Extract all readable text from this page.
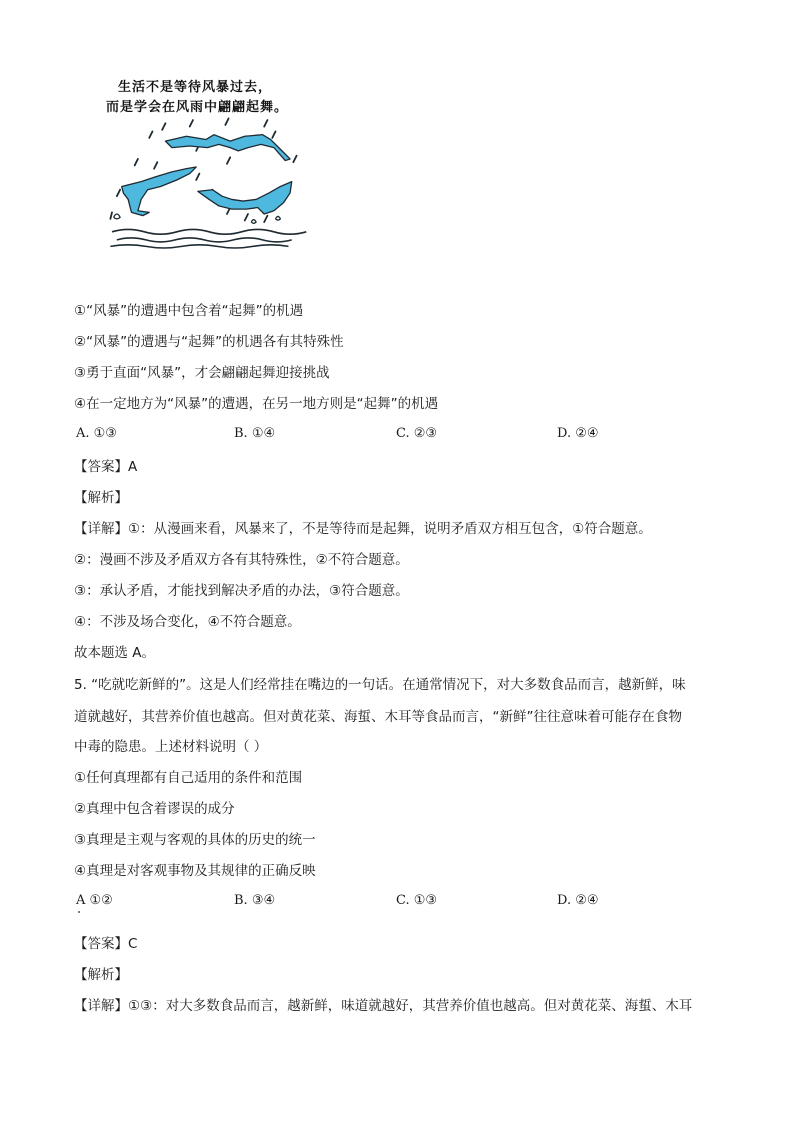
生活不是等待风暴过去，
而是学会在风雨中翩翩起舞。
①“风暴”的遭遇中包含着“起舞”的机遇
②“风暴”的遭遇与“起舞”的机遇各有其特殊性
③勇于直面“风暴”，才会翩翩起舞迎接挑战
④在一定地方为“风暴”的遭遇，在另一地方则是“起舞”的机遇
A. ①③	B. ①④	C. ②③	D. ②④
【答案】A
【解析】
【详解】①：从漫画来看，风暴来了，不是等待而是起舞，说明矛盾双方相互包含，①符合题意。
②：漫画不涉及矛盾双方各有其特殊性，②不符合题意。
③：承认矛盾，才能找到解决矛盾的办法，③符合题意。
④：不涉及场合变化，④不符合题意。
故本题选 A。
5. “吃就吃新鲜的”。这是人们经常挂在嘴边的一句话。在通常情况下，对大多数食品而言，越新鲜，味
道就越好，其营养价值也越高。但对黄花菜、海蜇、木耳等食品而言，“新鲜”往往意味着可能存在食物
中毒的隐患。上述材料说明（ ）
①任何真理都有自己适用的条件和范围
②真理中包含着谬误的成分
③真理是主观与客观的具体的历史的统一
④真理是对客观事物及其规律的正确反映
A ①②	B. ③④	C. ①③	D. ②④
【答案】C
【解析】
【详解】①③：对大多数食品而言，越新鲜，味道就越好，其营养价值也越高。但对黄花菜、海蜇、木耳
